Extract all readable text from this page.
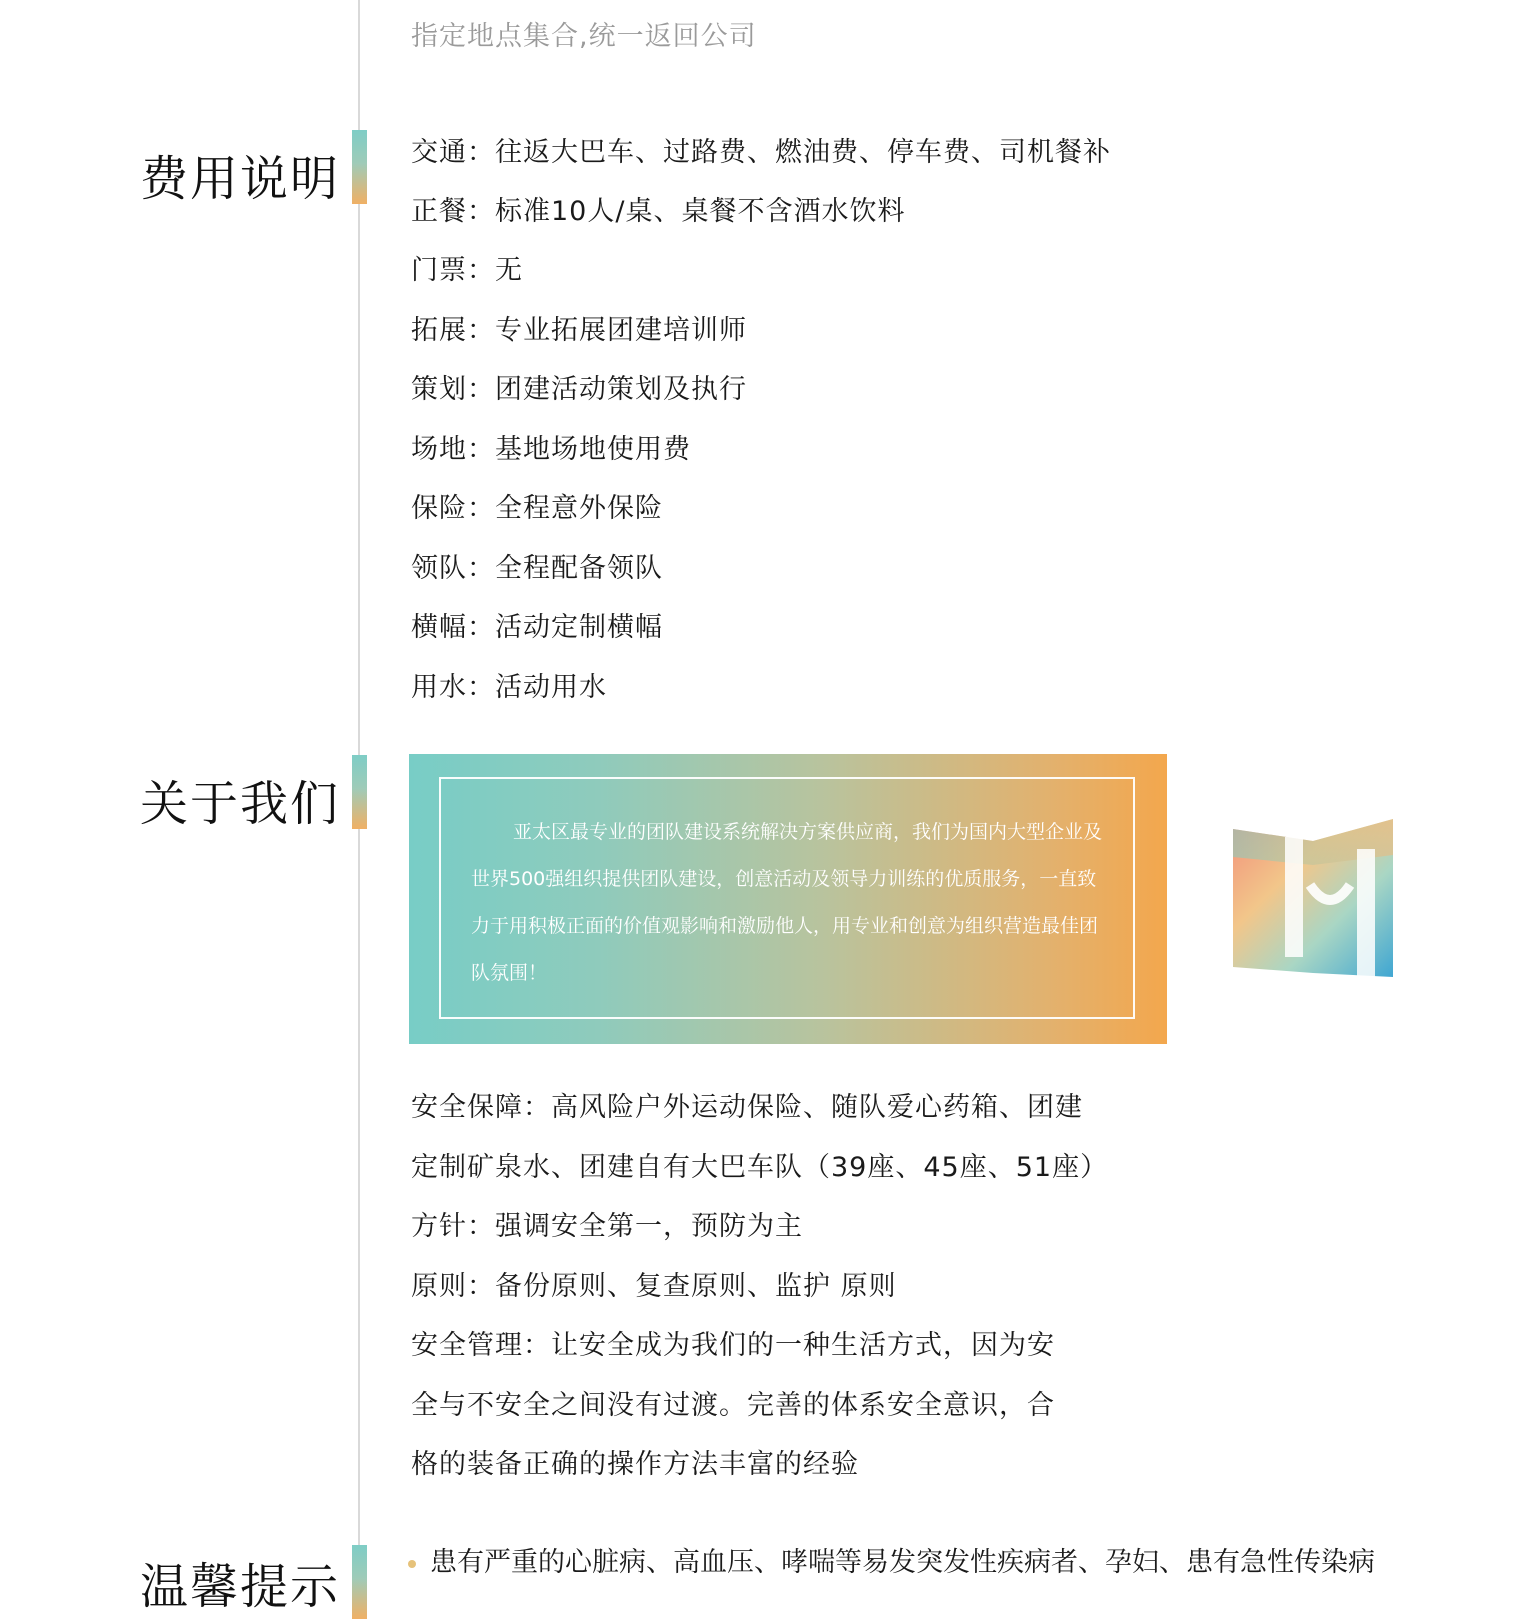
指定地点集合,统一返回公司
费用说明	交通：往返大巴车、过路费、燃油费、停车费、司机餐补
正餐：标准10人/桌、桌餐不含酒水饮料
门票：无
拓展：专业拓展团建培训师
策划：团建活动策划及执行
场地：基地场地使用费
保险：全程意外保险
领队：全程配备领队
横幅：活动定制横幅
用水：活动用水
关于我们	亚太区最专业的团队建设系统解决方案供应商，我们为国内大型企业及世界500强组织提供团队建设，创意活动及领导力训练的优质服务，一直致力于用积极正面的价值观影响和激励他人，用专业和创意为组织营造最佳团队氛围！
安全保障：高风险户外运动保险、随队爱心药箱、团建
定制矿泉水、团建自有大巴车队（39座、45座、51座）
方针：强调安全第一，预防为主
原则：备份原则、复查原则、监护 原则
安全管理：让安全成为我们的一种生活方式，因为安
全与不安全之间没有过渡。完善的体系安全意识，合
格的装备正确的操作方法丰富的经验
温馨提示	患有严重的心脏病、高血压、哮喘等易发突发性疾病者、孕妇、患有急性传染病
